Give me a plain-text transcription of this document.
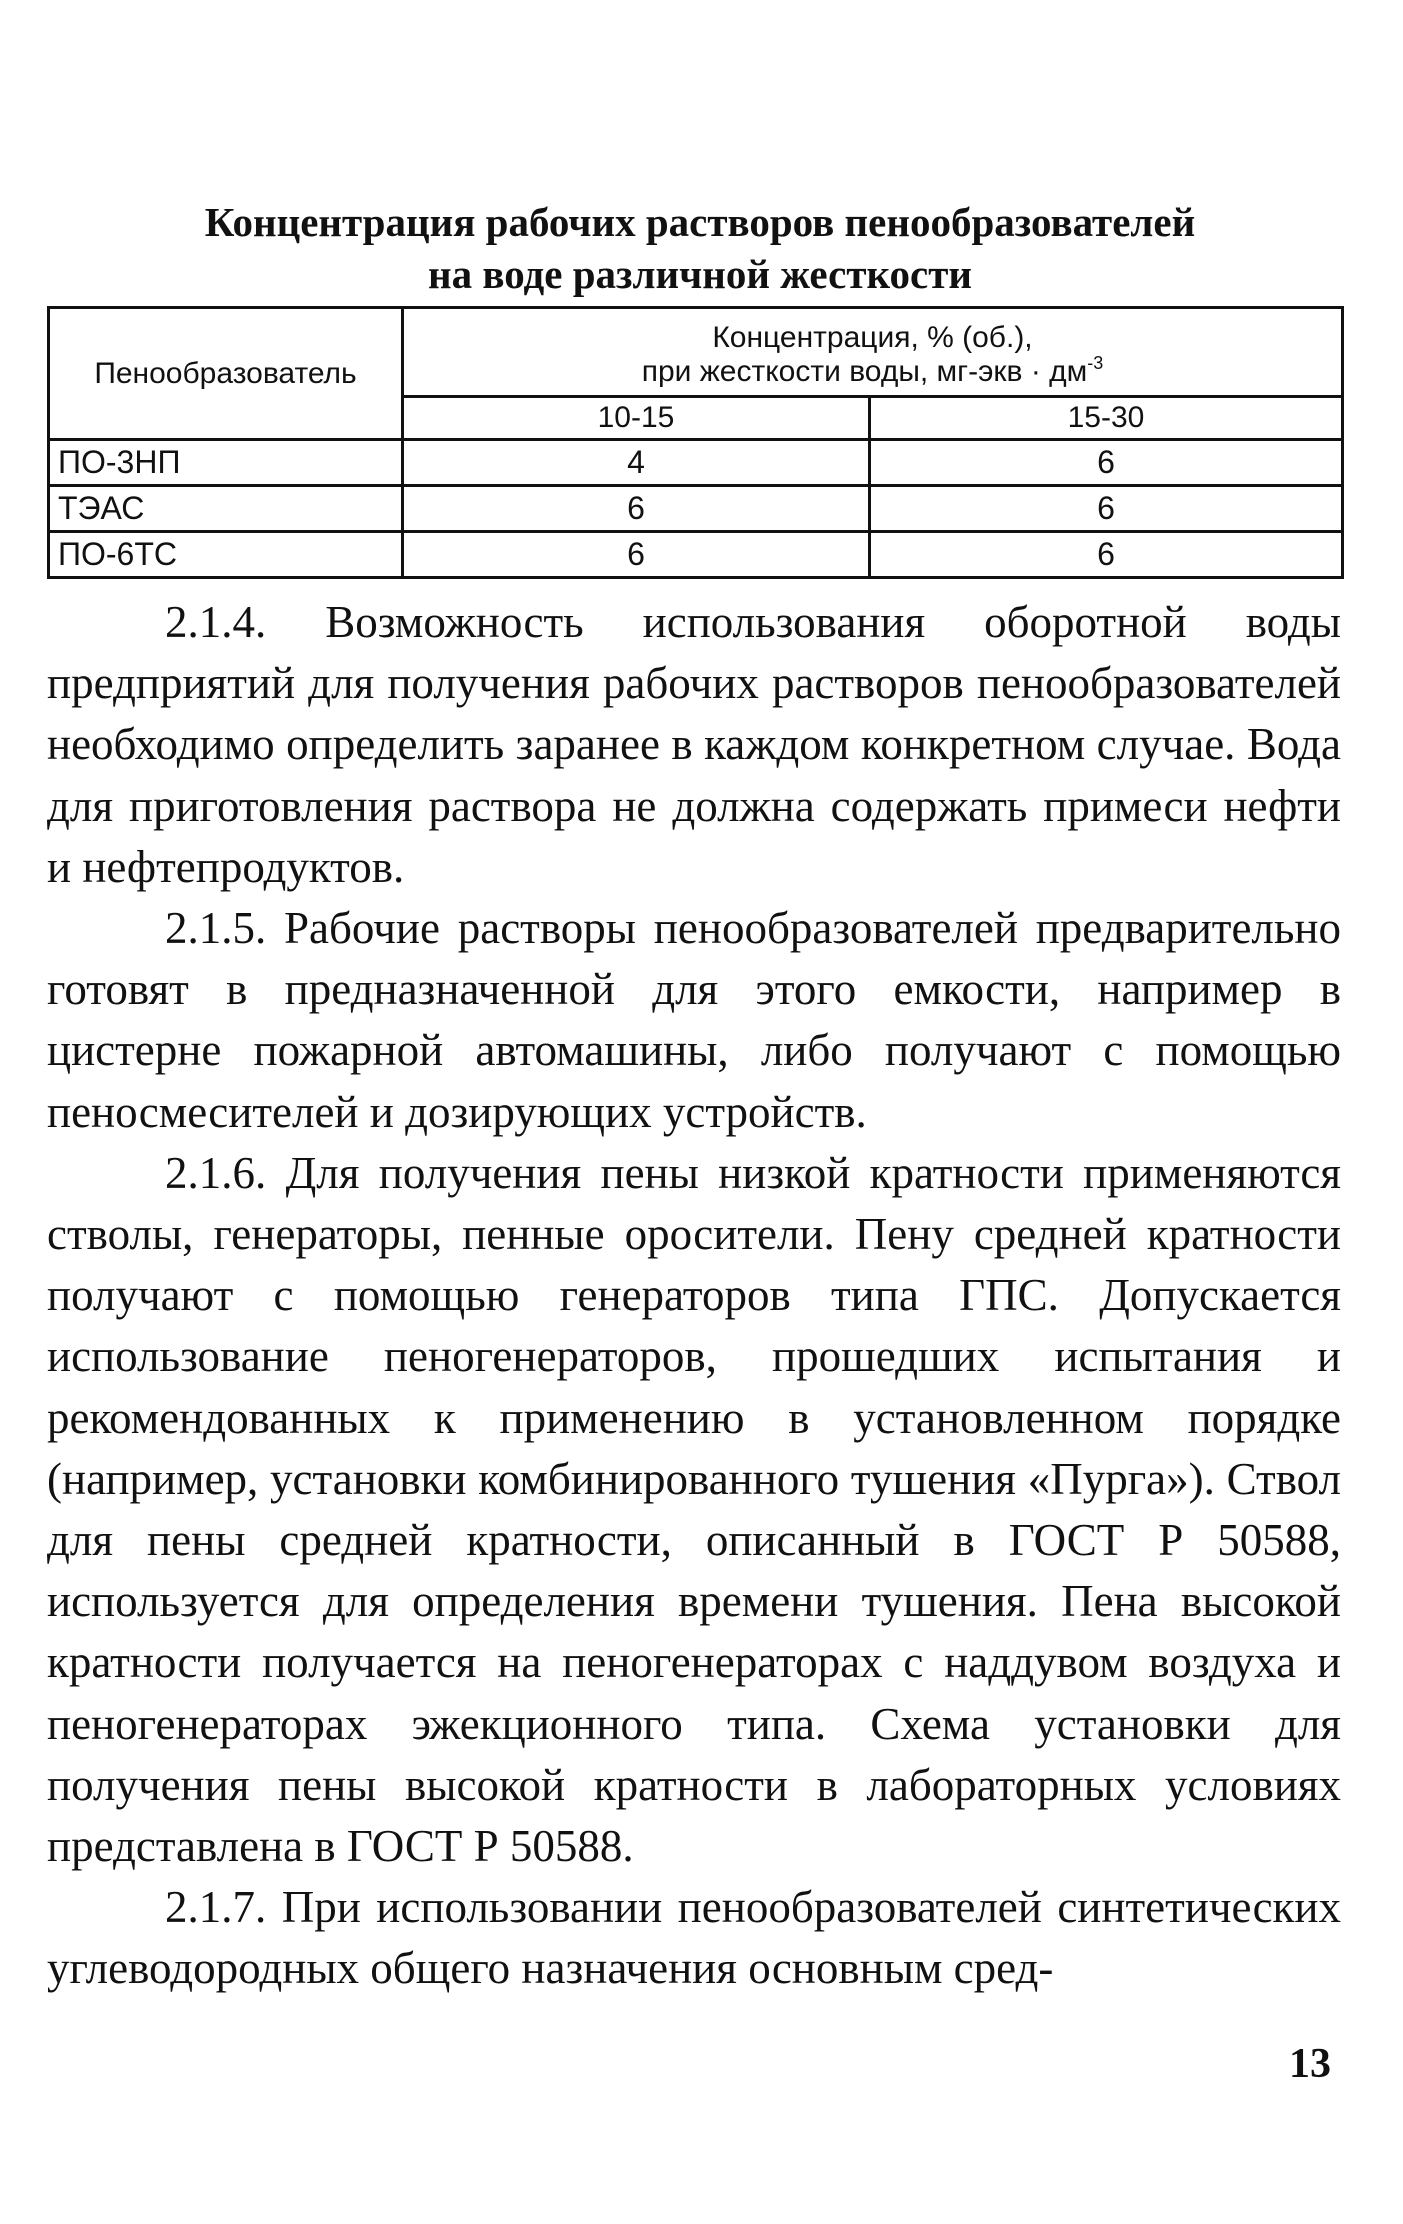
Концентрация рабочих растворов пенообразователей
на воде различной жесткости
Пенообразователь	Концентрация, % (об.),
при жесткости воды, $мг-экв \cdot дм^{-3}$

	10-15	15-30
ПО-3НП	4	6
ТЭАС	6	6
ПО-6ТС	6	6

2.1.4. Возможность использования оборотной воды предприятий для получения рабочих растворов пенообразователей необходимо определить заранее в каждом конкретном случае. Вода для приготовления раствора не должна содержать примеси нефти и нефтепродуктов.

2.1.5. Рабочие растворы пенообразователей предварительно готовят в предназначенной для этого емкости, например в цистерне пожарной автомашины, либо получают с помощью пеносмесителей и дозирующих устройств.

2.1.6. Для получения пены низкой кратности применяются стволы, генераторы, пенные оросители. Пену средней кратности получают с помощью генераторов типа ГПС. Допускается использование пеногенераторов, прошедших испытания и рекомендованных к применению в установленном порядке (например, установки комбинированного тушения «Пурга»). Ствол для пены средней кратности, описанный в ГОСТ Р 50588, используется для определения времени тушения. Пена высокой кратности получается на пеногенераторах с наддувом воздуха и пеногенераторах эжекционного типа. Схема установки для получения пены высокой кратности в лабораторных условиях представлена в ГОСТ Р 50588.

2.1.7. При использовании пенообразователей синтетических углеводородных общего назначения основным сред-

13
